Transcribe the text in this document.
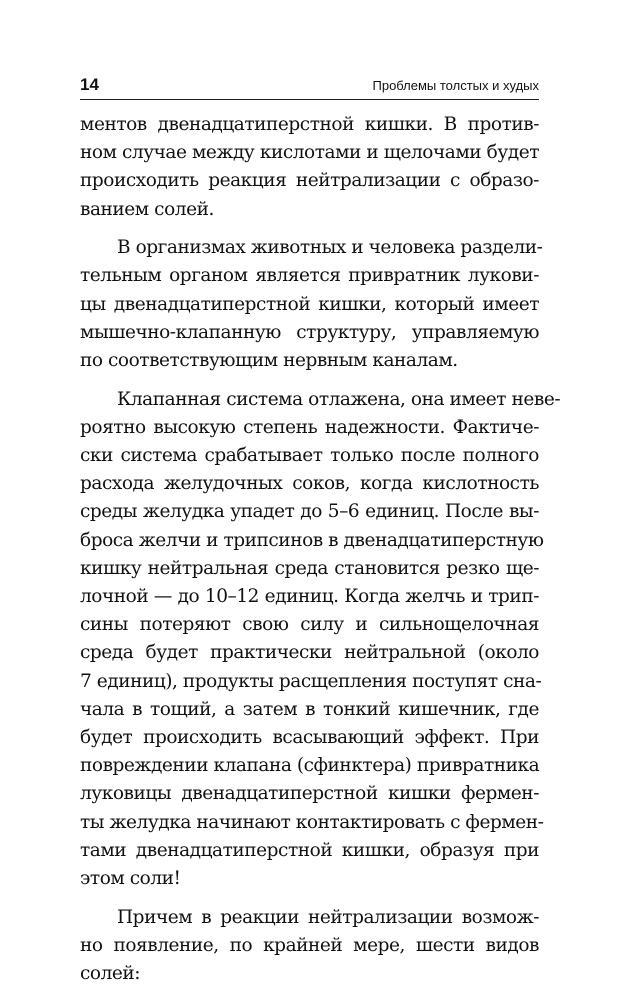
14	Проблемы толстых и худых
ментов двенадцатиперстной кишки. В против-
ном случае между кислотами и щелочами будет
происходить реакция нейтрализации с образо-
ванием солей.
В организмах животных и человека раздели-
тельным органом является привратник лукови-
цы двенадцатиперстной кишки, который имеет
мышечно-клапанную структуру, управляемую
по соответствующим нервным каналам.
Клапанная система отлажена, она имеет неве-
роятно высокую степень надежности. Фактиче-
ски система срабатывает только после полного
расхода желудочных соков, когда кислотность
среды желудка упадет до 5–6 единиц. После вы-
броса желчи и трипсинов в двенадцатиперстную
кишку нейтральная среда становится резко ще-
лочной — до 10–12 единиц. Когда желчь и трип-
сины потеряют свою силу и сильнощелочная
среда будет практически нейтральной (около
7 единиц), продукты расщепления поступят сна-
чала в тощий, а затем в тонкий кишечник, где
будет происходить всасывающий эффект. При
повреждении клапана (сфинктера) привратника
луковицы двенадцатиперстной кишки фермен-
ты желудка начинают контактировать с фермен-
тами двенадцатиперстной кишки, образуя при
этом соли!
Причем в реакции нейтрализации возмож-
но появление, по крайней мере, шести видов
солей:
